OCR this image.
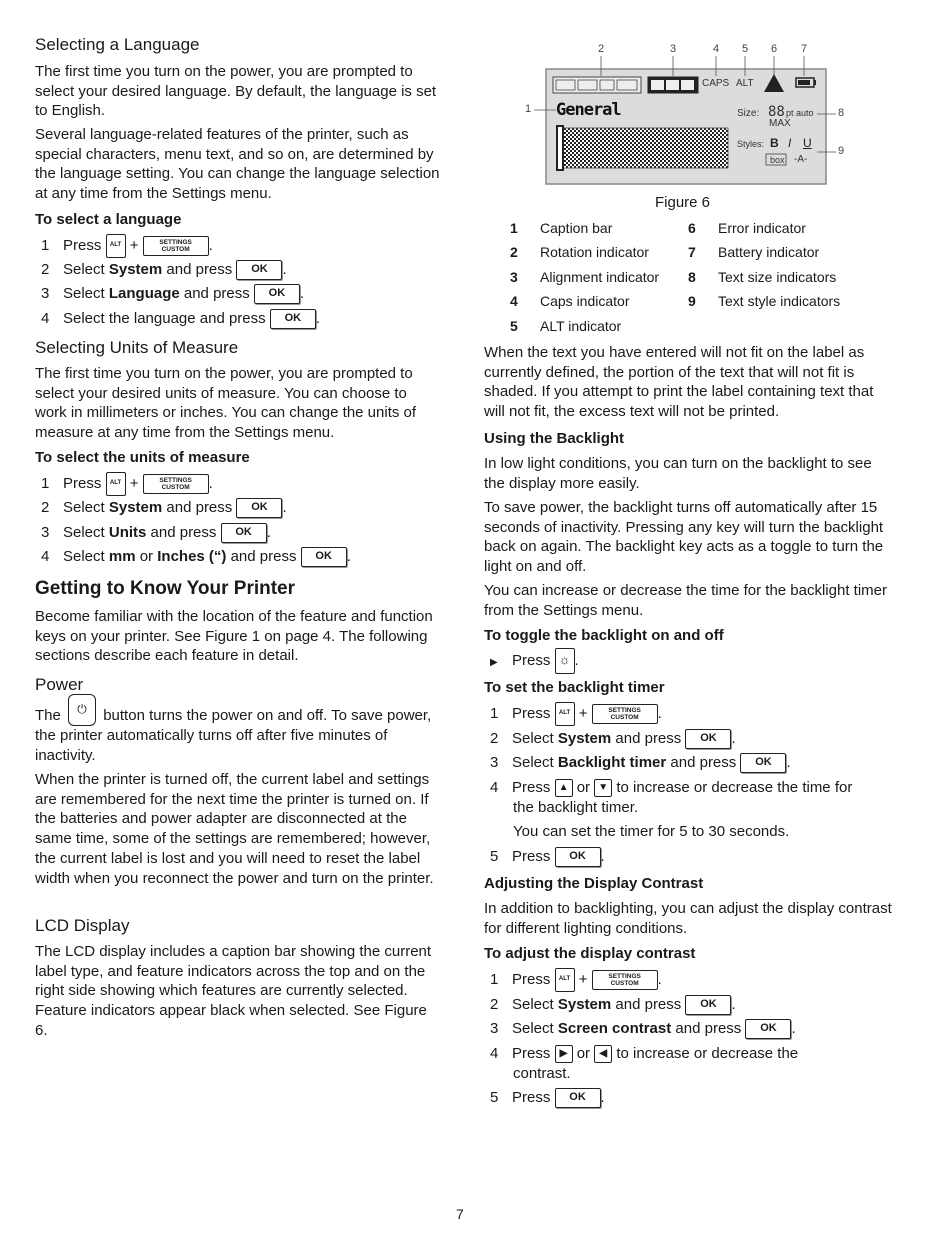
Selecting a Language

The first time you turn on the power, you are prompted to select your desired language. By default, the language is set to English.

Several language-related features of the printer, such as special characters, menu text, and so on, are determined by the language setting. You can change the language selection at any time from the Settings menu.

To select a language
1 Press ALT +	SETTINGS
CUSTOM .
2 Select System and press OK .
3 Select Language and press OK .
4 Select the language and press OK .
Selecting Units of Measure

The first time you turn on the power, you are prompted to select your desired units of measure. You can choose to work in millimeters or inches. You can change the units of measure at any time from the Settings menu.

To select the units of measure
1 Press ALT +	SETTINGS
CUSTOM .
2 Select System and press OK .
3 Select Units and press OK .
4 Select mm or Inches (“) and press OK .
Getting to Know Your Printer

Become familiar with the location of the feature and function keys on your printer. See Figure 1 on page 4. The following sections describe each feature in detail.

Power
The ⏻ button turns the power on and off. To save power, the printer automatically turns off after five minutes of inactivity.

When the printer is turned off, the current label and settings are remembered for the next time the printer is turned on. If the batteries and power adapter are disconnected at the same time, some of the settings are remembered; however, the current label is lost and you will need to reset the label width when you reconnect the power and turn on the printer.

LCD Display

The LCD display includes a caption bar showing the current label type, and feature indicators across the top and on the right side showing which features are currently selected. Feature indicators appear black when selected. See Figure 6.

2	3	4 5 6 7
1	8
9
CAPS ALT
General	Size: 88 pt auto
MAX
Styles: B I U
box -A-
Figure 6
1 Caption bar
2 Rotation indicator
3 Alignment indicator
4 Caps indicator
5 ALT indicator
6 Error indicator
7 Battery indicator
8 Text size indicators
9 Text style indicators

When the text you have entered will not fit on the label as currently defined, the portion of the text that will not fit is shaded. If you attempt to print the label containing text that will not fit, the excess text will not be printed.

Using the Backlight

In low light conditions, you can turn on the backlight to see the display more easily.

To save power, the backlight turns off automatically after 15 seconds of inactivity. Pressing any key will turn the backlight back on again. The backlight key acts as a toggle to turn the light on and off.

You can increase or decrease the time for the backlight timer from the Settings menu.

To toggle the backlight on and off
▶ Press ☼ .
To set the backlight timer
1 Press ALT +	SETTINGS
CUSTOM .
2 Select System and press OK .
3 Select Backlight timer and press OK .
4 Press ▲ or ▼ to increase or decrease the time for
the backlight timer.
You can set the timer for 5 to 30 seconds.
5 Press OK .
Adjusting the Display Contrast

In addition to backlighting, you can adjust the display contrast for different lighting conditions.

To adjust the display contrast
1 Press ALT +	SETTINGS
CUSTOM .
2 Select System and press OK .
3 Select Screen contrast and press OK .
4 Press ▶ or ◀ to increase or decrease the
contrast.
5 Press OK .
7
